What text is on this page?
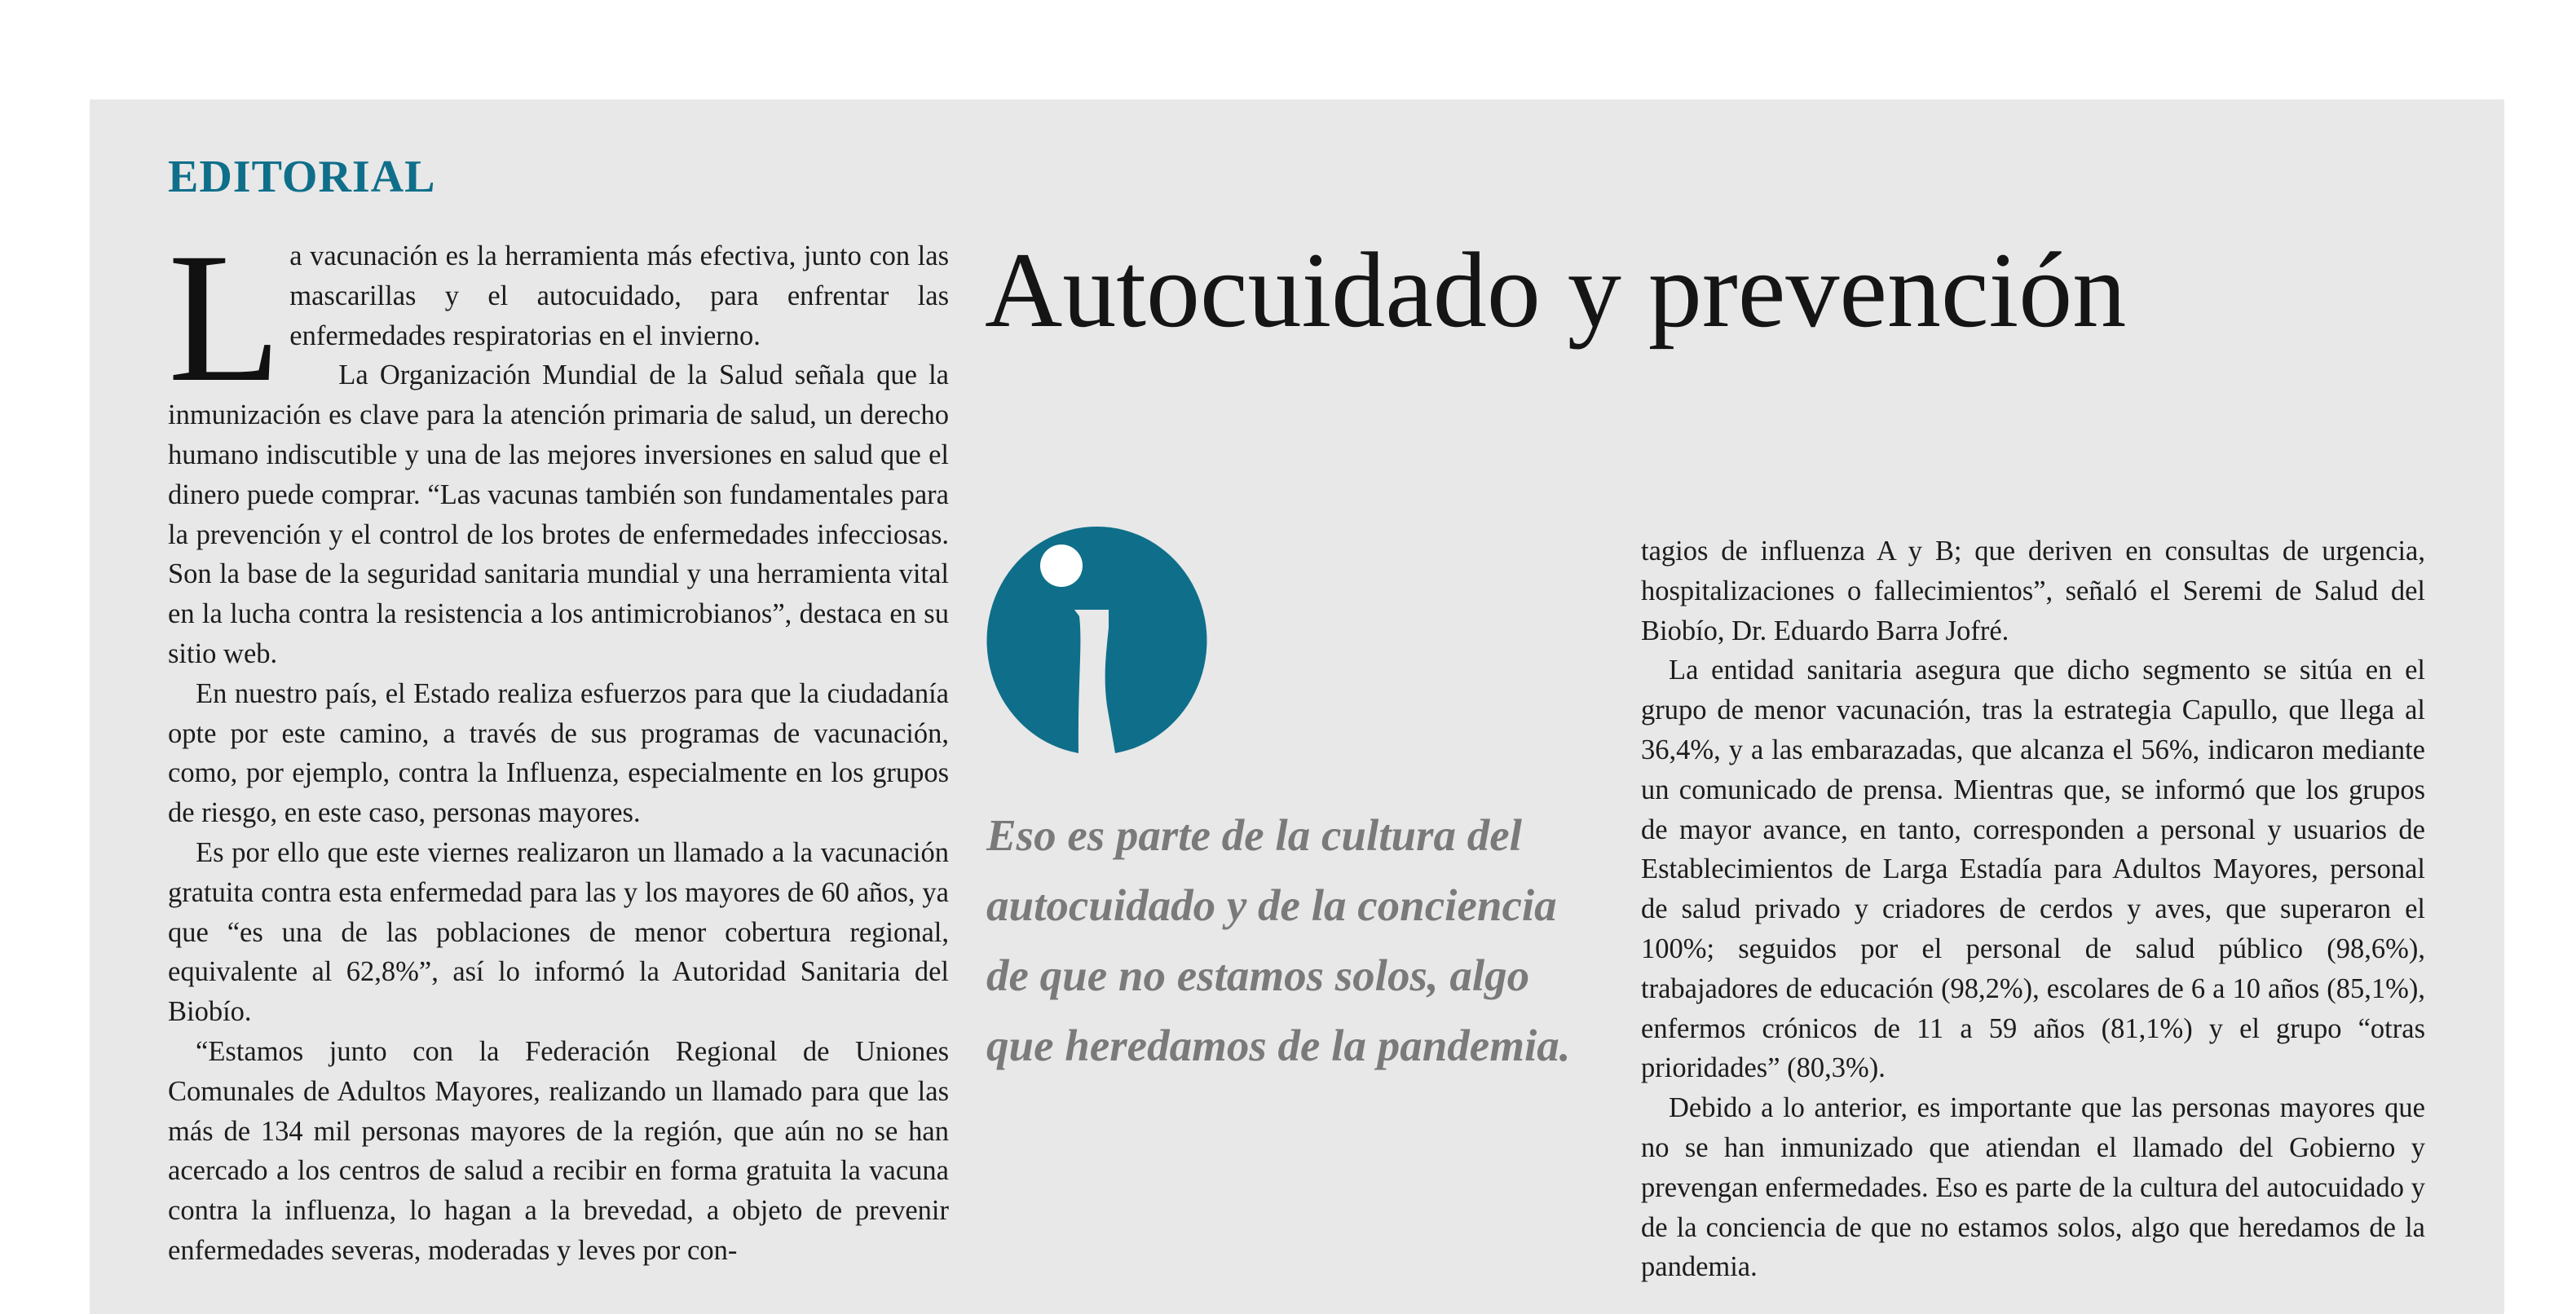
EDITORIAL
Autocuidado y prevención

L a vacunación es la herramienta más efectiva, junto con las mascarillas y el autocuidado, para enfrentar las enfermedades respiratorias en el invierno.

La Organización Mundial de la Salud señala que la inmunización es clave para la atención primaria de salud, un derecho humano indiscutible y una de las mejores inversiones en salud que el dinero puede comprar. “Las vacunas también son fundamentales para la prevención y el control de los brotes de enfermedades infecciosas. Son la base de la seguridad sanitaria mundial y una herramienta vital en la lucha contra la resistencia a los antimicrobianos”, destaca en su sitio web.

En nuestro país, el Estado realiza esfuerzos para que la ciudadanía opte por este camino, a través de sus programas de vacunación, como, por ejemplo, contra la Influenza, especialmente en los grupos de riesgo, en este caso, personas mayores.

Es por ello que este viernes realizaron un llamado a la vacunación gratuita contra esta enfermedad para las y los mayores de 60 años, ya que “es una de las poblaciones de menor cobertura regional, equivalente al 62,8%”, así lo informó la Autoridad Sanitaria del Biobío.

“Estamos junto con la Federación Regional de Uniones Comunales de Adultos Mayores, realizando un llamado para que las más de 134 mil personas mayores de la región, que aún no se han acercado a los centros de salud a recibir en forma gratuita la vacuna contra la influenza, lo hagan a la brevedad, a objeto de prevenir enfermedades severas, moderadas y leves por con-

Eso es parte de la cultura del autocuidado y de la conciencia de que no estamos solos, algo que heredamos de la pandemia.

tagios de influenza A y B; que deriven en consultas de urgencia, hospitalizaciones o fallecimientos”, señaló el Seremi de Salud del Biobío, Dr. Eduardo Barra Jofré.

La entidad sanitaria asegura que dicho segmento se sitúa en el grupo de menor vacunación, tras la estrategia Capullo, que llega al 36,4%, y a las embarazadas, que alcanza el 56%, indicaron mediante un comunicado de prensa. Mientras que, se informó que los grupos de mayor avance, en tanto, corresponden a personal y usuarios de Establecimientos de Larga Estadía para Adultos Mayores, personal de salud privado y criadores de cerdos y aves, que superaron el 100%; seguidos por el personal de salud público (98,6%), trabajadores de educación (98,2%), escolares de 6 a 10 años (85,1%), enfermos crónicos de 11 a 59 años (81,1%) y el grupo “otras prioridades” (80,3%).

Debido a lo anterior, es importante que las personas mayores que no se han inmunizado que atiendan el llamado del Gobierno y prevengan enfermedades. Eso es parte de la cultura del autocuidado y de la conciencia de que no estamos solos, algo que heredamos de la pandemia.
